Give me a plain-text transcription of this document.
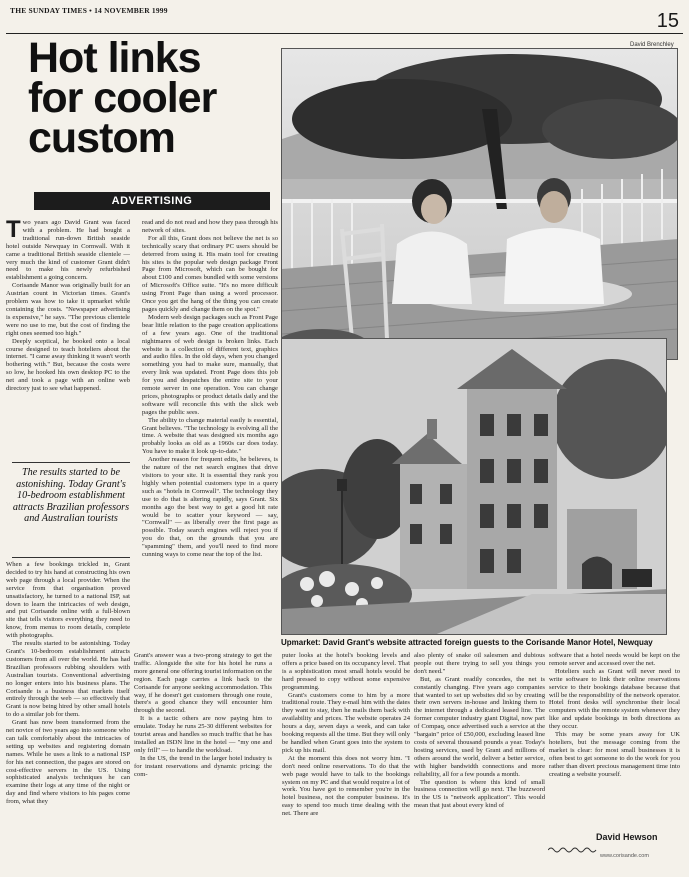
THE SUNDAY TIMES • 14 NOVEMBER 1999	15
Hot links
for cooler
custom
ADVERTISING
David Brenchley
Upmarket: David Grant's website attracted foreign guests to the Corisande Manor Hotel, Newquay

Two years ago David Grant was faced with a problem. He had bought a traditional run-down British seaside hotel outside Newquay in Cornwall. With it came a traditional British seaside clientele — very much the kind of customer Grant didn't need to make his newly refurbished establishment a going concern.

Corisande Manor was originally built for an Austrian count in Victorian times. Grant's problem was how to take it upmarket while containing the costs. "Newspaper advertising is expensive," he says. "The previous clientele were no use to me, but the cost of finding the right ones seemed too high."

Deeply sceptical, he booked onto a local course designed to teach hoteliers about the internet. "I came away thinking it wasn't worth bothering with." But, because the costs were so low, he hooked his own desktop PC to the net and took a page with an online web directory just to see what happened.

The results started to be astonishing. Today Grant's 10-bedroom establishment attracts Brazilian professors and Australian tourists

When a few bookings trickled in, Grant decided to try his hand at constructing his own web page through a local provider. When the service from that organisation proved unsatisfactory, he turned to a national ISP, sat down to learn the intricacies of web design, and put Corisande online with a full-blown site that tells visitors everything they need to know, from menus to room details, complete with photographs.

The results started to be astonishing. Today Grant's 10-bedroom establishment attracts customers from all over the world. He has had Brazilian professors rubbing shoulders with Australian tourists. Conventional advertising no longer enters into his business plans. The Corisande is a business that markets itself entirely through the web — so effectively that Grant is now being hired by other small hotels to do a similar job for them.

Grant has now been transformed from the net novice of two years ago into someone who can talk comfortably about the intricacies of setting up websites and registering domain names. While he uses a link to a national ISP for his net connection, the pages are stored on cost-effective servers in the US. Using sophisticated analysis techniques he can examine their logs at any time of the night or day and find where visitors to his pages come from, what they

read and do not read and how they pass through his network of sites.

For all this, Grant does not believe the net is so technically scary that ordinary PC users should be deterred from using it. His main tool for creating his sites is the popular web design package Front Page from Microsoft, which can be bought for about £100 and comes bundled with some versions of Microsoft's Office suite. "It's no more difficult using Front Page than using a word processor. Once you get the hang of the thing you can create pages quickly and change them on the spot."

Modern web design packages such as Front Page bear little relation to the page creation applications of a few years ago. One of the traditional nightmares of web design is broken links. Each website is a collection of different text, graphics and audio files. In the old days, when you changed something you had to make sure, manually, that every link was updated. Front Page does this job for you and despatches the entire site to your remote server in one operation. You can change prices, photographs or product details daily and the software will reconcile this with the slick web pages the public sees.

The ability to change material easily is essential, Grant believes. "The technology is evolving all the time. A website that was designed six months ago probably looks as old as a 1960s car does today. You have to make it look up-to-date."

Another reason for frequent edits, he believes, is the nature of the net search engines that drive visitors to your site. It is essential they rank you highly when potential customers type in a query such as "hotels in Cornwall". The technology they use to do that is altering rapidly, says Grant. Six months ago the best way to get a good hit rate would be to scatter your keyword — say, "Cornwall" — as liberally over the first page as possible. Today search engines will reject you if you do that, on the grounds that you are "spamming" them, and you'll need to find more cunning ways to come near the top of the list.

Grant's answer was a two-prong strategy to get the traffic. Alongside the site for his hotel he runs a more general one offering tourist information on the region. Each page carries a link back to the Corisande for anyone seeking accommodation. This way, if he doesn't get customers through one route, there's a good chance they will encounter him through the second.

It is a tactic others are now paying him to emulate. Today he runs 25-30 different websites for tourist areas and handles so much traffic that he has installed an ISDN line in the hotel — "my one and only frill" — to handle the workload.

In the US, the trend in the larger hotel industry is for instant reservations and dynamic pricing: the com-

puter looks at the hotel's booking levels and offers a price based on its occupancy level. That is a sophistication most small hotels would be hard pressed to copy without some expensive programming.

Grant's customers come to him by a more traditional route. They e-mail him with the dates they want to stay, then he mails them back with availability and prices. The website operates 24 hours a day, seven days a week, and can take booking requests all the time. But they will only be handled when Grant goes into the system to pick up his mail.

At the moment this does not worry him. "I don't need online reservations. To do that the web page would have to talk to the bookings system on my PC and that would require a lot of work. You have got to remember you're in the hotel business, not the computer business. It's easy to spend too much time dealing with the net. There are

also plenty of snake oil salesmen and dubious people out there trying to sell you things you don't need."

But, as Grant readily concedes, the net is constantly changing. Five years ago companies that wanted to set up websites did so by creating their own servers in-house and linking them to the internet through a dedicated leased line. The former computer industry giant Digital, now part of Compaq, once advertised such a service at the "bargain" price of £50,000, excluding leased line costs of several thousand pounds a year. Today's hosting services, used by Grant and millions of others around the world, deliver a better service, with higher bandwidth connections and more reliability, all for a few pounds a month.

The question is where this kind of small business connection will go next. The buzzword in the US is "network application". This would mean that just about every kind of

software that a hotel needs would be kept on the remote server and accessed over the net.

Hoteliers such as Grant will never need to write software to link their online reservations service to their bookings database because that will be the responsibility of the network operator. Hotel front desks will synchronise their local computers with the remote system whenever they like and update bookings in both directions as they occur.

This may be some years away for UK hoteliers, but the message coming from the market is clear: for most small businesses it is often best to get someone to do the work for you rather than divert precious management time into creating a website yourself.

David Hewson
www.corisande.com
